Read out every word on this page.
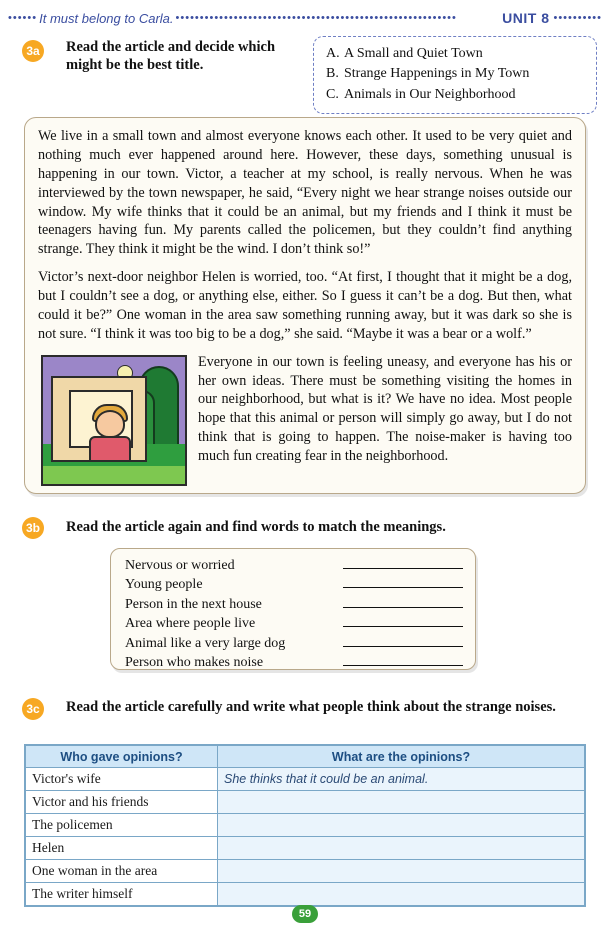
•••••• It must belong to Carla. ••••••••••••••••••••••••••••••••••••••••••••••••••••••••••	UNIT 8 ••••••••••
3a Read the article and decide which might be the best title.
A. A Small and Quiet Town
B. Strange Happenings in My Town
C. Animals in Our Neighborhood

We live in a small town and almost everyone knows each other. It used to be very quiet and nothing much ever happened around here. However, these days, something unusual is happening in our town. Victor, a teacher at my school, is really nervous. When he was interviewed by the town newspaper, he said, “Every night we hear strange noises outside our window. My wife thinks that it could be an animal, but my friends and I think it must be teenagers having fun. My parents called the policemen, but they couldn’t find anything strange. They think it might be the wind. I don’t think so!”

Victor’s next-door neighbor Helen is worried, too. “At first, I thought that it might be a dog, but I couldn’t see a dog, or anything else, either. So I guess it can’t be a dog. But then, what could it be?” One woman in the area saw something running away, but it was dark so she is not sure. “I think it was too big to be a dog,” she said. “Maybe it was a bear or a wolf.”

Everyone in our town is feeling uneasy, and everyone has his or her own ideas. There must be something visiting the homes in our neighborhood, but what is it? We have no idea. Most people hope that this animal or person will simply go away, but I do not think that is going to happen. The noise-maker is having too much fun creating fear in the neighborhood.

3b Read the article again and find words to match the meanings.
Nervous or worried
Young people
Person in the next house
Area where people live
Animal like a very large dog
Person who makes noise
3c Read the article carefully and write what people think about the strange noises.
Who gave opinions?	What are the opinions?
Victor's wife	She thinks that it could be an animal.
Victor and his friends	
The policemen	
Helen	
One woman in the area	
The writer himself	
59
